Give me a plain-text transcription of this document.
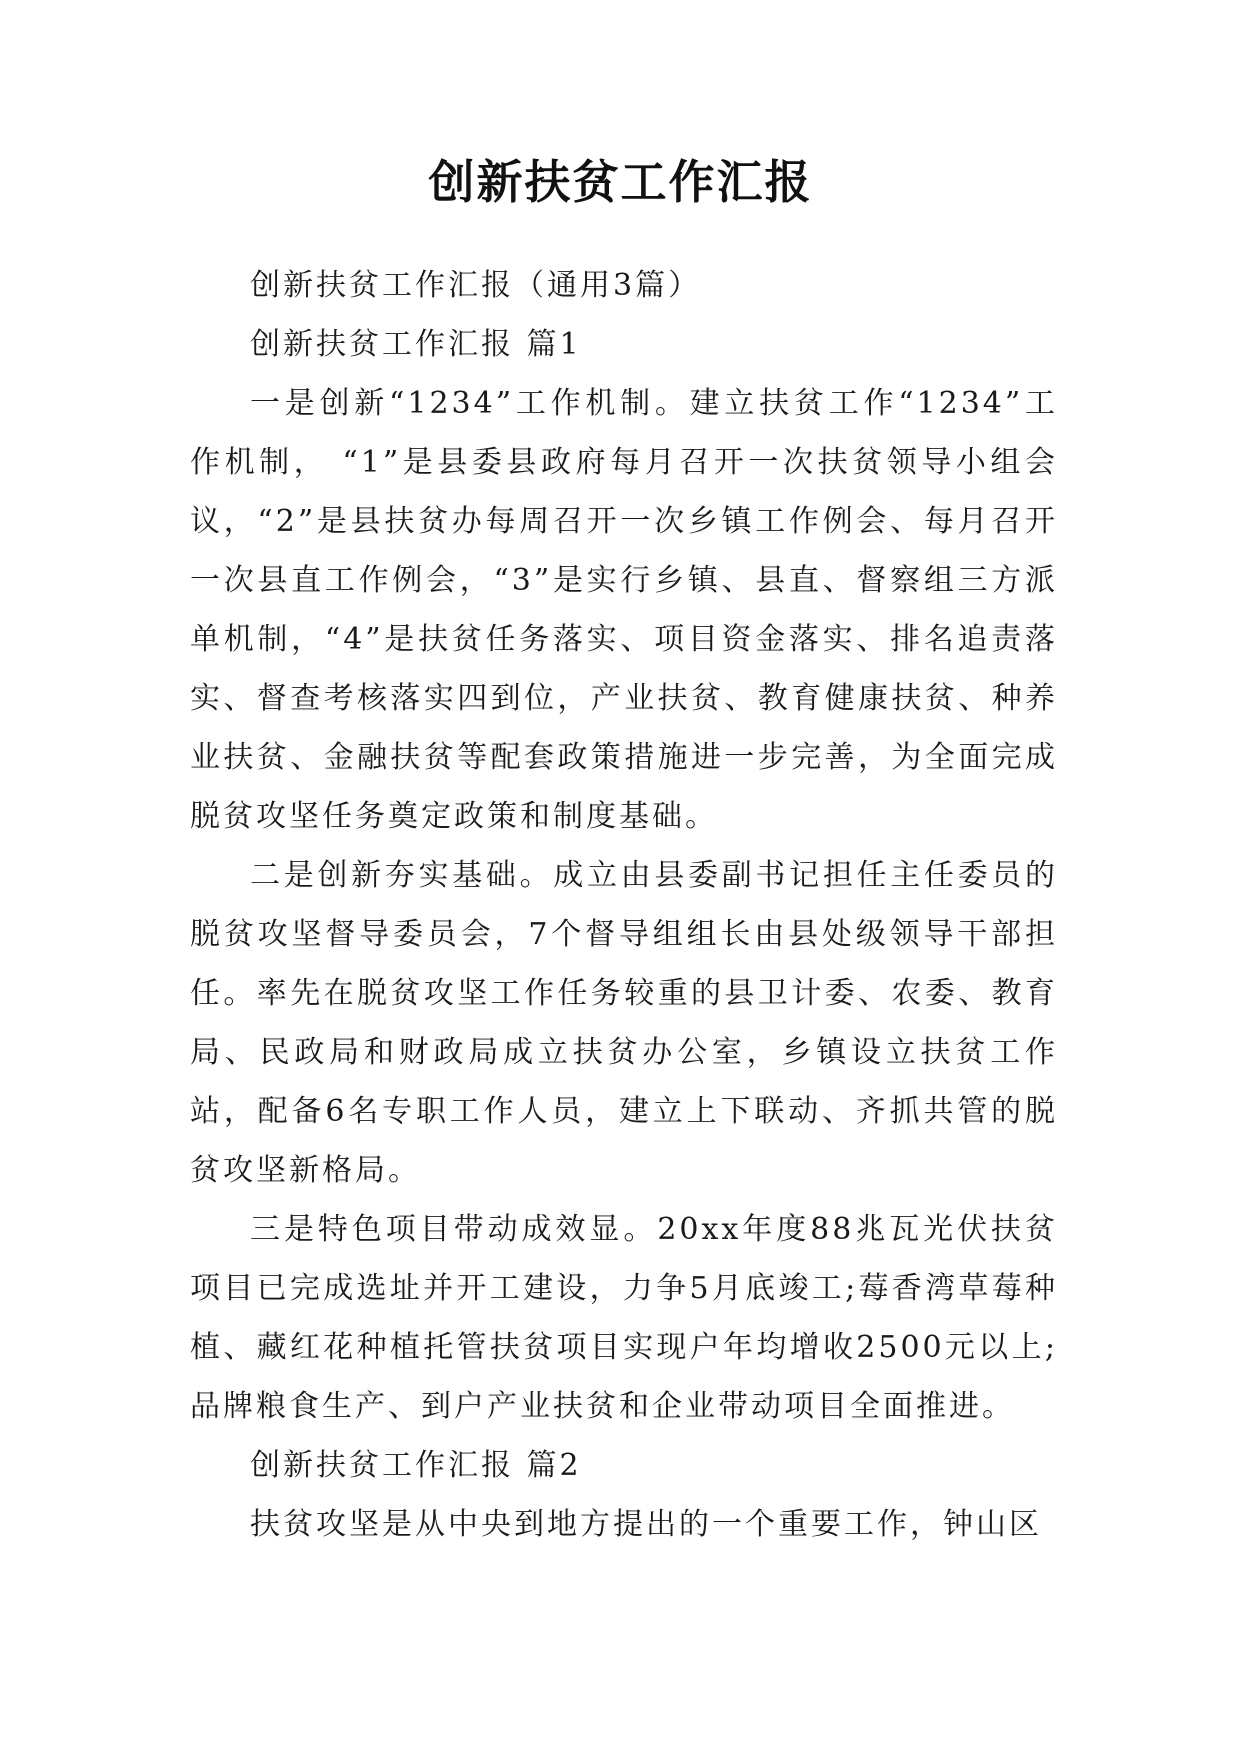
创新扶贫工作汇报

创新扶贫工作汇报（通用3篇）

创新扶贫工作汇报 篇1

一是创新“1234”工作机制。建立扶贫工作“1234”工作机制， “1”是县委县政府每月召开一次扶贫领导小组会议，“2”是县扶贫办每周召开一次乡镇工作例会、每月召开一次县直工作例会，“3”是实行乡镇、县直、督察组三方派单机制，“4”是扶贫任务落实、项目资金落实、排名追责落实、督查考核落实四到位，产业扶贫、教育健康扶贫、种养业扶贫、金融扶贫等配套政策措施进一步完善，为全面完成脱贫攻坚任务奠定政策和制度基础。

二是创新夯实基础。成立由县委副书记担任主任委员的脱贫攻坚督导委员会，7个督导组组长由县处级领导干部担任。率先在脱贫攻坚工作任务较重的县卫计委、农委、教育局、民政局和财政局成立扶贫办公室，乡镇设立扶贫工作站，配备6名专职工作人员，建立上下联动、齐抓共管的脱贫攻坚新格局。

三是特色项目带动成效显。20xx年度88兆瓦光伏扶贫项目已完成选址并开工建设，力争5月底竣工;莓香湾草莓种植、藏红花种植托管扶贫项目实现户年均增收2500元以上;品牌粮食生产、到户产业扶贫和企业带动项目全面推进。

创新扶贫工作汇报 篇2

扶贫攻坚是从中央到地方提出的一个重要工作，钟山区
